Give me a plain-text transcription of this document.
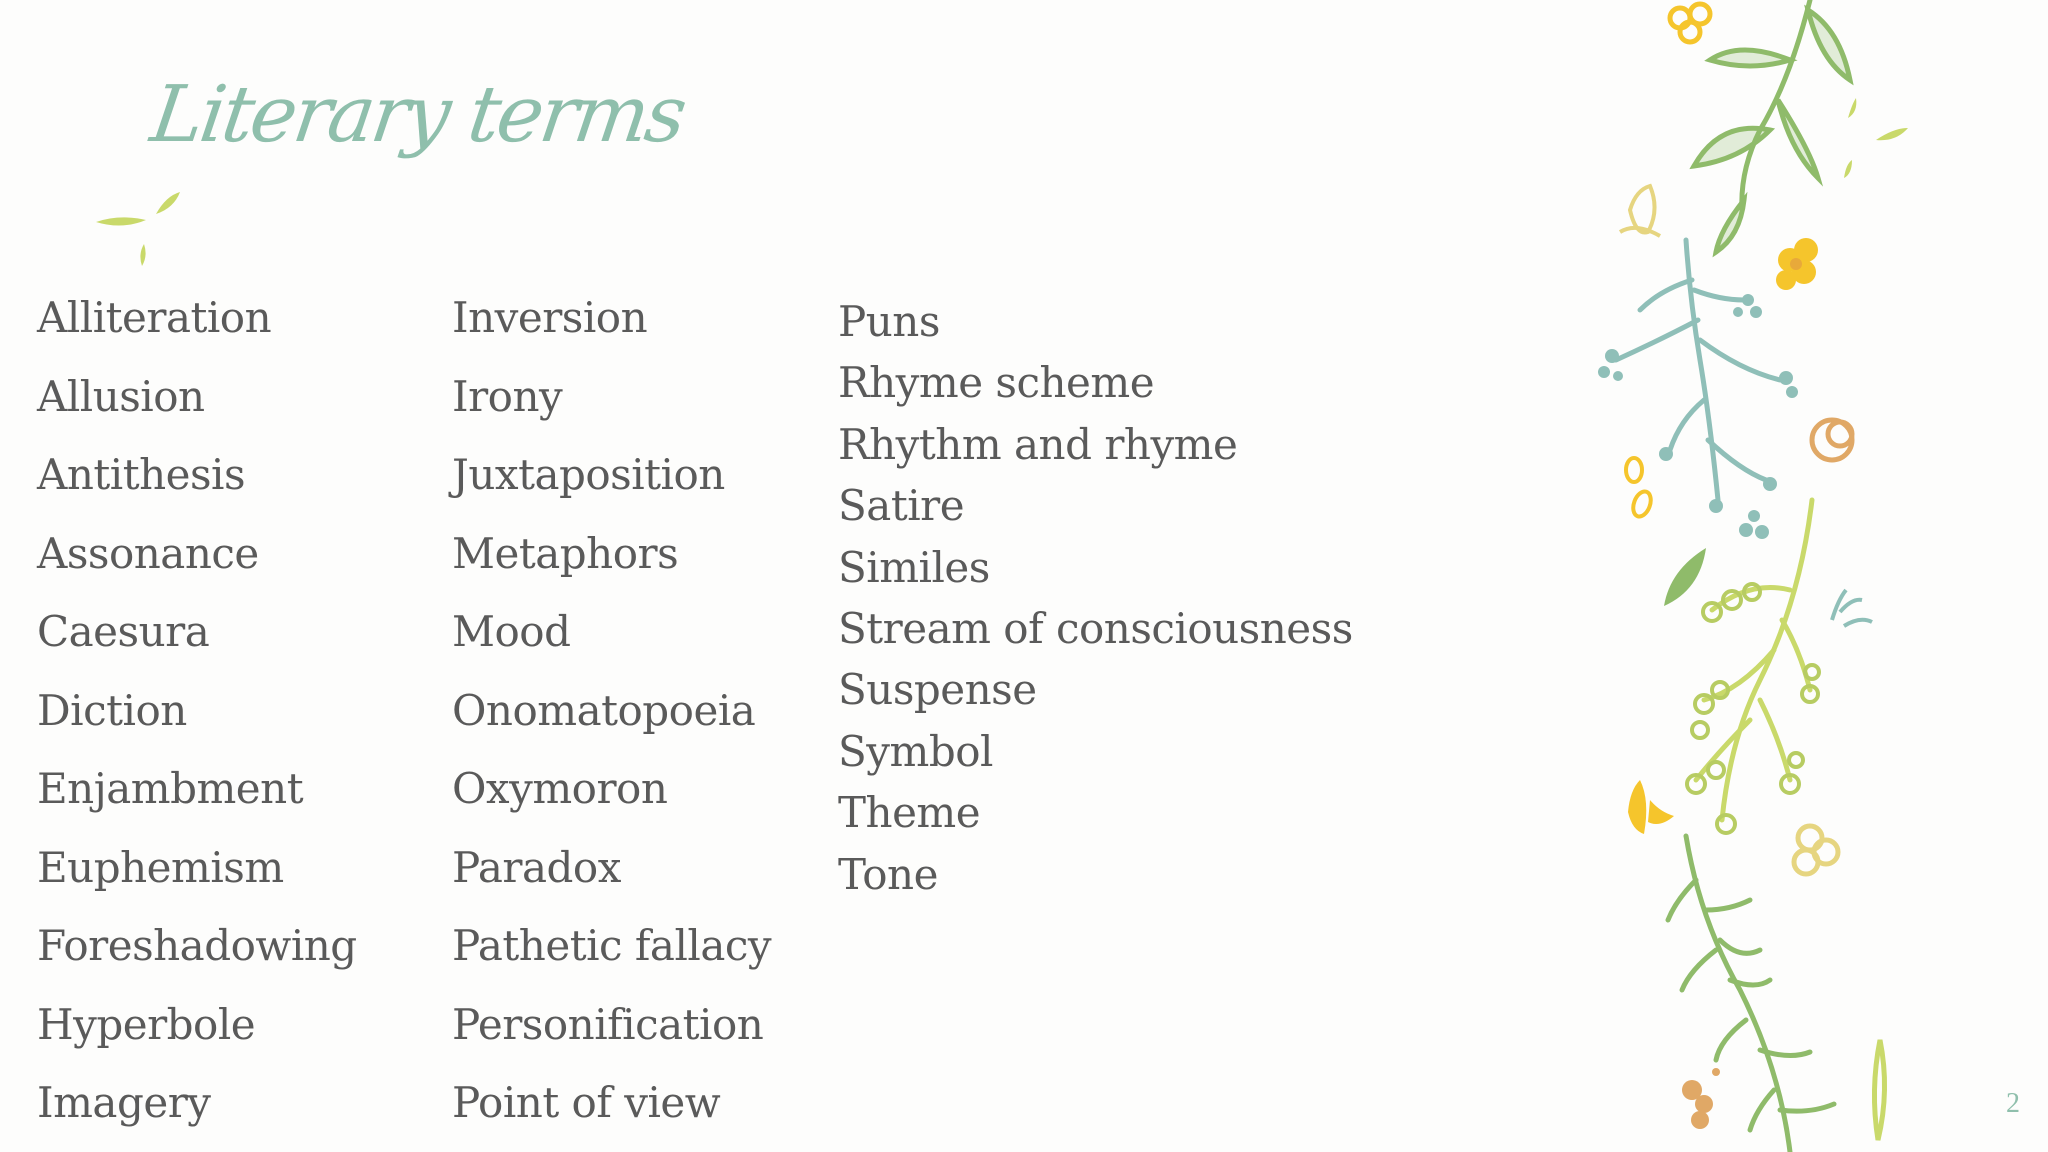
Literary terms
Alliteration
Allusion
Antithesis
Assonance
Caesura
Diction
Enjambment
Euphemism
Foreshadowing
Hyperbole
Imagery
Inversion
Irony
Juxtaposition
Metaphors
Mood
Onomatopoeia
Oxymoron
Paradox
Pathetic fallacy
Personification
Point of view
Puns
Rhyme scheme
Rhythm and rhyme
Satire
Similes
Stream of consciousness
Suspense
Symbol
Theme
Tone
2
